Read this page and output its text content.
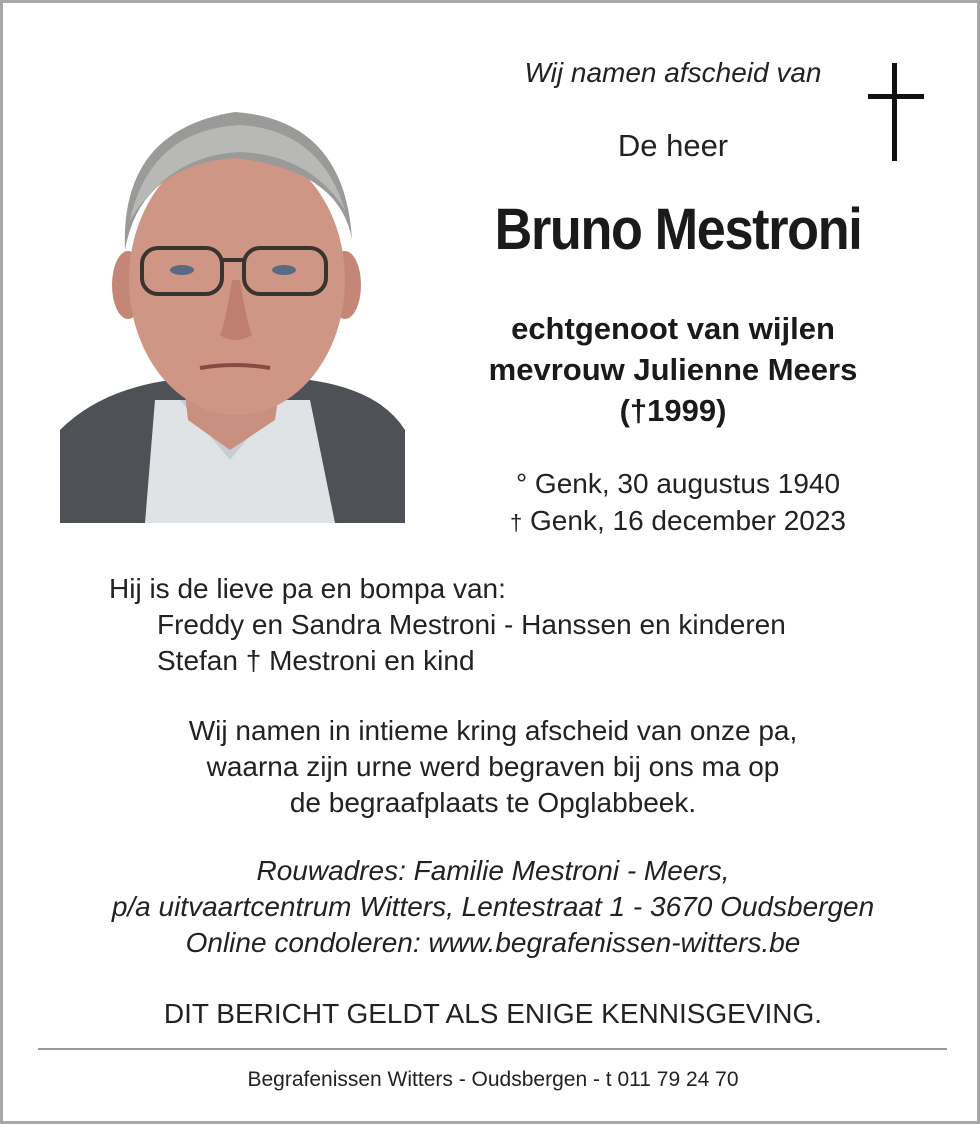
Wij namen afscheid van
De heer
Bruno Mestroni
echtgenoot van wijlen
mevrouw Julienne Meers
(†1999)
° Genk, 30 augustus 1940
† Genk, 16 december 2023
Hij is de lieve pa en bompa van:
Freddy en Sandra Mestroni - Hanssen en kinderen
Stefan † Mestroni en kind
Wij namen in intieme kring afscheid van onze pa,
waarna zijn urne werd begraven bij ons ma op
de begraafplaats te Opglabbeek.
Rouwadres: Familie Mestroni - Meers,
p/a uitvaartcentrum Witters, Lentestraat 1 - 3670 Oudsbergen
Online condoleren: www.begrafenissen-witters.be
DIT BERICHT GELDT ALS ENIGE KENNISGEVING.
Begrafenissen Witters - Oudsbergen - t 011 79 24 70
